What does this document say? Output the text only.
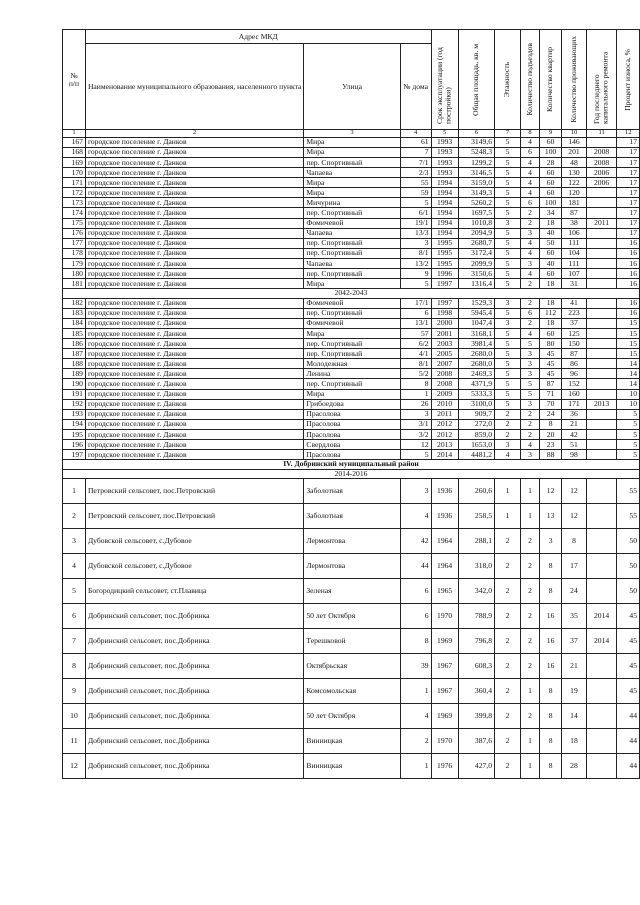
№
п/п	Адрес МКД			Срок эксплуатации (год постройки)	Общая площадь, кв. м	Этажность	Количество подъездов	Количество квартир	Количество проживающих	Год последнего капитального ремонта	Процент износа, %

	Наименование муниципального образования, населенного пункта	Улица	№ дома								
1	2	3	4	5	6	7	8	9	10	11	12
167	городское поселение г. Данков	Мира	61	1993	3149,6	5	4	60	146		17
168	городское поселение г. Данков	Мира	7	1993	5248,3	5	6	100	201	2008	17
169	городское поселение г. Данков	пер. Спортивный	7/1	1993	1299,2	5	4	28	48	2008	17
170	городское поселение г. Данков	Чапаева	2/3	1993	3146,5	5	4	60	130	2006	17
171	городское поселение г. Данков	Мира	55	1994	3159,0	5	4	60	122	2006	17
172	городское поселение г. Данков	Мира	59	1994	3149,3	5	4	60	120		17
173	городское поселение г. Данков	Мичурина	5	1994	5260,2	5	6	100	181		17
174	городское поселение г. Данков	пер. Спортивный	6/1	1994	1697,5	5	2	34	87		17
175	городское поселение г. Данков	Фомичевой	19/1	1994	1010,8	3	2	18	38	2011	17
176	городское поселение г. Данков	Чапаева	13/3	1994	2094,9	5	3	40	106		17
177	городское поселение г. Данков	пер. Спортивный	3	1995	2680,7	5	4	50	111		16
178	городское поселение г. Данков	пер. Спортивный	8/1	1995	3172,4	5	4	60	104		16
179	городское поселение г. Данков	Чапаева	13/2	1995	2099,9	5	3	40	111		16
180	городское поселение г. Данков	пер. Спортивный	9	1996	3150,6	5	4	60	107		16
181	городское поселение г. Данков	Мира	5	1997	1316,4	5	2	18	31		16
2042-2043											
182	городское поселение г. Данков	Фомичевой	17/1	1997	1529,3	3	2	18	41		16
183	городское поселение г. Данков	пер. Спортивный	6	1998	5945,4	5	6	112	223		16
184	городское поселение г. Данков	Фомичевой	13/1	2000	1047,4	3	2	18	37		15
185	городское поселение г. Данков	Мира	57	2001	3168,1	5	4	60	125		15
186	городское поселение г. Данков	пер. Спортивный	6/2	2003	3981,4	5	5	80	150		15
187	городское поселение г. Данков	пер. Спортивный	4/1	2005	2680,0	5	3	45	87		15
188	городское поселение г. Данков	Молодежная	8/1	2007	2680,0	5	3	45	86		14
189	городское поселение г. Данков	Ленина	5/2	2008	2469,3	5	3	45	96		14
190	городское поселение г. Данков	пер. Спортивный	8	2008	4371,9	5	5	87	152		14
191	городское поселение г. Данков	Мира	1	2009	5333,3	5	5	71	160		10
192	городское поселение г. Данков	Грибоедова	26	2010	3100,0	5	3	70	171	2013	10
193	городское поселение г. Данков	Прасолова	3	2011	909,7	2	2	24	36		5
194	городское поселение г. Данков	Прасолова	3/1	2012	272,0	2	2	8	21		5
195	городское поселение г. Данков	Прасолова	3/2	2012	859,0	2	2	20	42		5
196	городское поселение г. Данков	Свердлова	12	2013	1653,0	3	4	23	51		5
197	городское поселение г. Данков	Прасолова	5	2014	4481,2	4	3	88	98		5
IV. Добринский муниципальный район											
2014-2016											
1	Петровский сельсовет, пос.Петровский	Заболотная	3	1936	260,6	1	1	12	12		55
2	Петровский сельсовет, пос.Петровский	Заболотная	4	1936	258,5	1	1	13	12		55
3	Дубовской сельсовет, с.Дубовое	Лермонтова	42	1964	288,1	2	2	3	8		50
4	Дубовской сельсовет, с.Дубовое	Лермонтова	44	1964	318,0	2	2	8	17		50
5	Богородицкий сельсовет, ст.Плавица	Зеленая	6	1965	342,0	2	2	8	24		50
6	Добринский сельсовет, пос.Добринка	50 лет Октября	6	1970	788,9	2	2	16	35	2014	45
7	Добринский сельсовет, пос.Добринка	Терешковой	8	1969	796,8	2	2	16	37	2014	45
8	Добринский сельсовет, пос.Добринка	Октябрьская	39	1967	608,3	2	2	16	21		45
9	Добринский сельсовет, пос.Добринка	Комсомольская	1	1967	360,4	2	1	8	19		45
10	Добринский сельсовет, пос.Добринка	50 лет Октября	4	1969	399,8	2	2	8	14		44
11	Добринский сельсовет, пос.Добринка	Винницкая	2	1970	387,6	2	1	8	18		44
12	Добринский сельсовет, пос.Добринка	Винницкая	1	1976	427,0	2	1	8	28		44
